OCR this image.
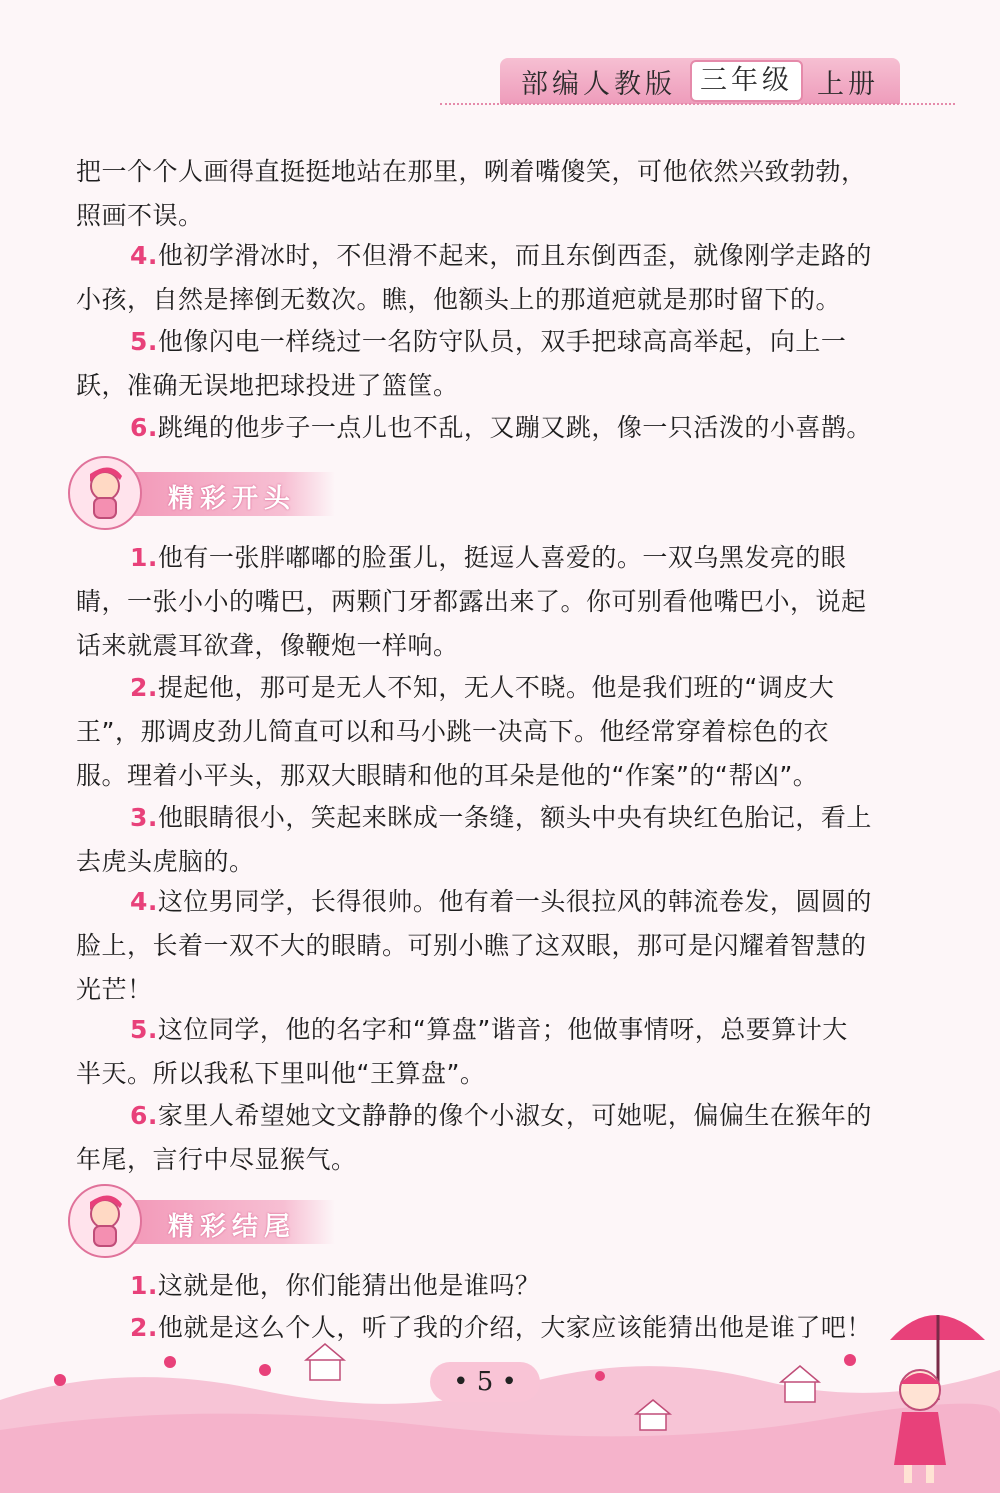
部编人教版 三年级 上册

把一个个人画得直挺挺地站在那里，咧着嘴傻笑，可他依然兴致勃勃，
照画不误。

4.他初学滑冰时，不但滑不起来，而且东倒西歪，就像刚学走路的
小孩，自然是摔倒无数次。瞧，他额头上的那道疤就是那时留下的。

5.他像闪电一样绕过一名防守队员，双手把球高高举起，向上一
跃，准确无误地把球投进了篮筐。

6.跳绳的他步子一点儿也不乱，又蹦又跳，像一只活泼的小喜鹊。

精彩开头

1.他有一张胖嘟嘟的脸蛋儿，挺逗人喜爱的。一双乌黑发亮的眼
睛，一张小小的嘴巴，两颗门牙都露出来了。你可别看他嘴巴小，说起
话来就震耳欲聋，像鞭炮一样响。

2.提起他，那可是无人不知，无人不晓。他是我们班的“调皮大
王”，那调皮劲儿简直可以和马小跳一决高下。他经常穿着棕色的衣
服。理着小平头，那双大眼睛和他的耳朵是他的“作案”的“帮凶”。

3.他眼睛很小，笑起来眯成一条缝，额头中央有块红色胎记，看上
去虎头虎脑的。

4.这位男同学，长得很帅。他有着一头很拉风的韩流卷发，圆圆的
脸上，长着一双不大的眼睛。可别小瞧了这双眼，那可是闪耀着智慧的
光芒！

5.这位同学，他的名字和“算盘”谐音；他做事情呀，总要算计大
半天。所以我私下里叫他“王算盘”。

6.家里人希望她文文静静的像个小淑女，可她呢，偏偏生在猴年的
年尾，言行中尽显猴气。

精彩结尾

1.这就是他，你们能猜出他是谁吗？

2.他就是这么个人，听了我的介绍，大家应该能猜出他是谁了吧！

• 5 •
